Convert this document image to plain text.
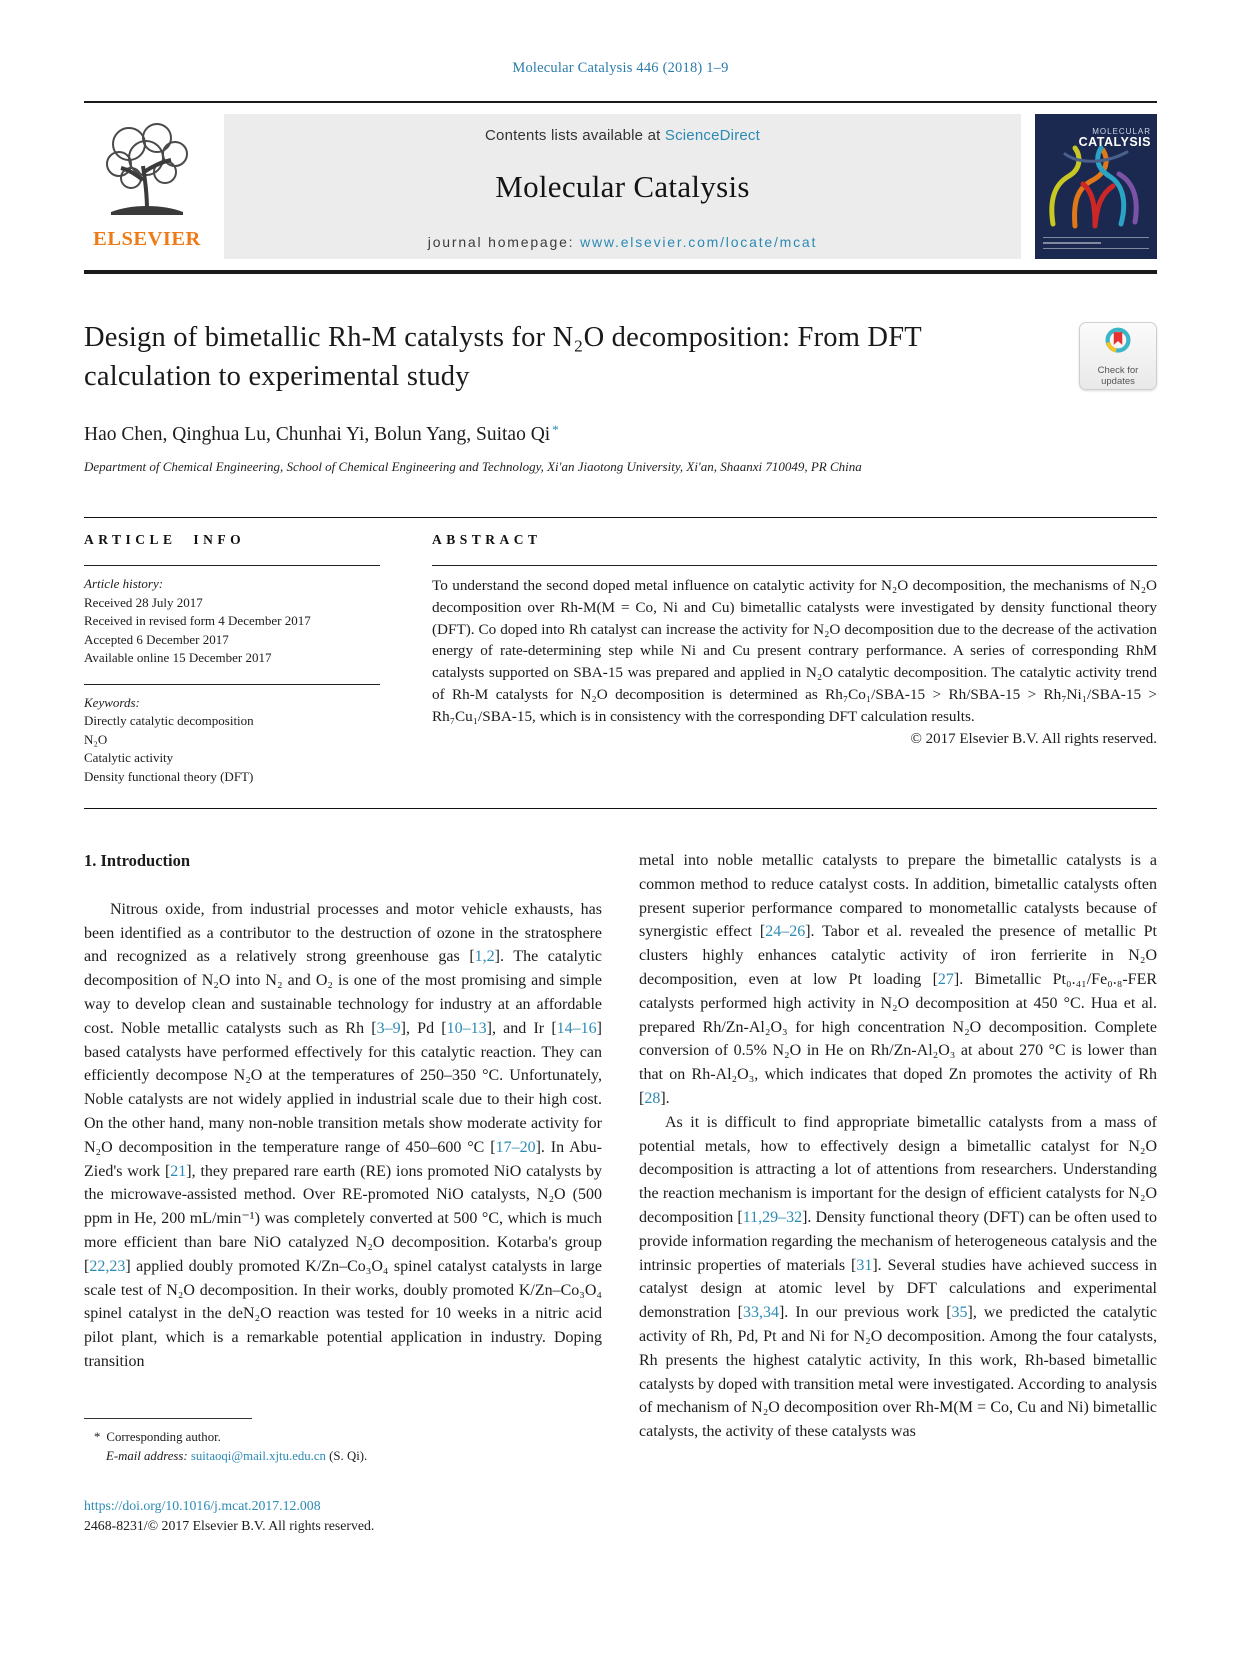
Molecular Catalysis 446 (2018) 1–9
ELSEVIER
Contents lists available at ScienceDirect
Molecular Catalysis
journal homepage: www.elsevier.com/locate/mcat
MOLECULAR
CATALYSIS
Design of bimetallic Rh-M catalysts for N₂O decomposition: From DFT calculation to experimental study	Check for updates
Hao Chen, Qinghua Lu, Chunhai Yi, Bolun Yang, Suitao Qi *
Department of Chemical Engineering, School of Chemical Engineering and Technology, Xi'an Jiaotong University, Xi'an, Shaanxi 710049, PR China
ARTICLE INFO
Article history:
Received 28 July 2017
Received in revised form 4 December 2017
Accepted 6 December 2017
Available online 15 December 2017
Keywords:
Directly catalytic decomposition
N₂O
Catalytic activity
Density functional theory (DFT)
ABSTRACT
To understand the second doped metal influence on catalytic activity for N₂O decomposition, the mechanisms of N₂O decomposition over Rh-M(M = Co, Ni and Cu) bimetallic catalysts were investigated by density functional theory (DFT). Co doped into Rh catalyst can increase the activity for N₂O decomposition due to the decrease of the activation energy of rate-determining step while Ni and Cu present contrary performance. A series of corresponding RhM catalysts supported on SBA-15 was prepared and applied in N₂O catalytic decomposition. The catalytic activity trend of Rh-M catalysts for N₂O decomposition is determined as Rh₇Co₁/SBA-15 > Rh/SBA-15 > Rh₇Ni₁/SBA-15 > Rh₇Cu₁/SBA-15, which is in consistency with the corresponding DFT calculation results.
© 2017 Elsevier B.V. All rights reserved.
1. Introduction

Nitrous oxide, from industrial processes and motor vehicle exhausts, has been identified as a contributor to the destruction of ozone in the stratosphere and recognized as a relatively strong greenhouse gas [1,2]. The catalytic decomposition of N₂O into N₂ and O₂ is one of the most promising and simple way to develop clean and sustainable technology for industry at an affordable cost. Noble metallic catalysts such as Rh [3–9], Pd [10–13], and Ir [14–16] based catalysts have performed effectively for this catalytic reaction. They can efficiently decompose N₂O at the temperatures of 250–350 °C. Unfortunately, Noble catalysts are not widely applied in industrial scale due to their high cost. On the other hand, many non-noble transition metals show moderate activity for N₂O decomposition in the temperature range of 450–600 °C [17–20]. In Abu-Zied's work [21], they prepared rare earth (RE) ions promoted NiO catalysts by the microwave-assisted method. Over RE-promoted NiO catalysts, N₂O (500 ppm in He, 200 mL/min⁻¹) was completely converted at 500 °C, which is much more efficient than bare NiO catalyzed N₂O decomposition. Kotarba's group [22,23] applied doubly promoted K/Zn–Co₃O₄ spinel catalyst catalysts in large scale test of N₂O decomposition. In their works, doubly promoted K/Zn–Co₃O₄ spinel catalyst in the deN₂O reaction was tested for 10 weeks in a nitric acid pilot plant, which is a remarkable potential application in industry. Doping transition

* Corresponding author.
E-mail address: suitaoqi@mail.xjtu.edu.cn (S. Qi).
https://doi.org/10.1016/j.mcat.2017.12.008
2468-8231/© 2017 Elsevier B.V. All rights reserved.

metal into noble metallic catalysts to prepare the bimetallic catalysts is a common method to reduce catalyst costs. In addition, bimetallic catalysts often present superior performance compared to monometallic catalysts because of synergistic effect [24–26]. Tabor et al. revealed the presence of metallic Pt clusters highly enhances catalytic activity of iron ferrierite in N₂O decomposition, even at low Pt loading [27]. Bimetallic Pt₀.₄₁/Fe₀.₈-FER catalysts performed high activity in N₂O decomposition at 450 °C. Hua et al. prepared Rh/Zn-Al₂O₃ for high concentration N₂O decomposition. Complete conversion of 0.5% N₂O in He on Rh/Zn-Al₂O₃ at about 270 °C is lower than that on Rh-Al₂O₃, which indicates that doped Zn promotes the activity of Rh [28].

As it is difficult to find appropriate bimetallic catalysts from a mass of potential metals, how to effectively design a bimetallic catalyst for N₂O decomposition is attracting a lot of attentions from researchers. Understanding the reaction mechanism is important for the design of efficient catalysts for N₂O decomposition [11,29–32]. Density functional theory (DFT) can be often used to provide information regarding the mechanism of heterogeneous catalysis and the intrinsic properties of materials [31]. Several studies have achieved success in catalyst design at atomic level by DFT calculations and experimental demonstration [33,34]. In our previous work [35], we predicted the catalytic activity of Rh, Pd, Pt and Ni for N₂O decomposition. Among the four catalysts, Rh presents the highest catalytic activity, In this work, Rh-based bimetallic catalysts by doped with transition metal were investigated. According to analysis of mechanism of N₂O decomposition over Rh-M(M = Co, Cu and Ni) bimetallic catalysts, the activity of these catalysts was
